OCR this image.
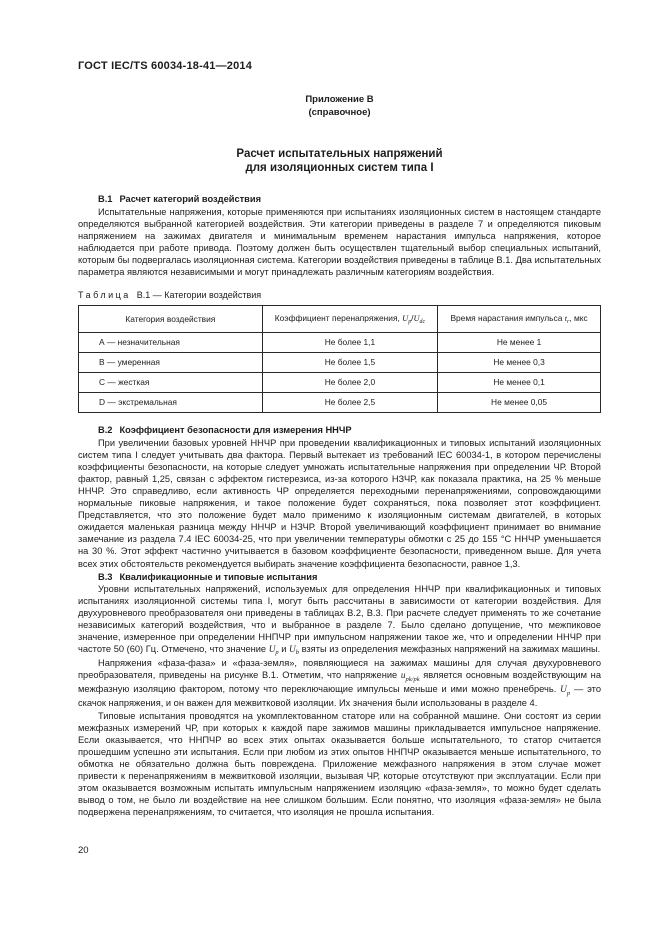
ГОСТ IEC/TS 60034-18-41—2014
Приложение В
(справочное)
Расчет испытательных напряжений
для изоляционных систем типа I
В.1 Расчет категорий воздействия

Испытательные напряжения, которые применяются при испытаниях изоляционных систем в настоящем стандарте определяются выбранной категорией воздействия. Эти категории приведены в разделе 7 и определяются пиковым напряжением на зажимах двигателя и минимальным временем нарастания импульса напряжения, которое наблюдается при работе привода. Поэтому должен быть осуществлен тщательный выбор специальных испытаний, которым бы подвергалась изоляционная система. Категории воздействия приведены в таблице В.1. Два испытательных параметра являются независимыми и могут принадлежать различным категориям воздействия.

Таблица В.1 — Категории воздействия
Категория воздействия	Коэффициент перенапряжения, $U_p/U_{dc}$	Время нарастания импульса $t_r$, мкс
А — незначительная	Не более 1,1	Не менее 1
В — умеренная	Не более 1,5	Не менее 0,3
С — жесткая	Не более 2,0	Не менее 0,1
D — экстремальная	Не более 2,5	Не менее 0,05
В.2 Коэффициент безопасности для измерения ННЧР

При увеличении базовых уровней ННЧР при проведении квалификационных и типовых испытаний изоляционных систем типа I следует учитывать два фактора. Первый вытекает из требований IEC 60034-1, в котором перечислены коэффициенты безопасности, на которые следует умножать испытательные напряжения при определении ЧР. Второй фактор, равный 1,25, связан с эффектом гистерезиса, из-за которого НЗЧР, как показала практика, на 25 % меньше ННЧР. Это справедливо, если активность ЧР определяется переходными перенапряжениями, сопровождающими нормальные пиковые напряжения, и такое положение будет сохраняться, пока позволяет этот коэффициент. Представляется, что это положение будет мало применимо к изоляционным системам двигателей, в которых ожидается маленькая разница между ННЧР и НЗЧР. Второй увеличивающий коэффициент принимает во внимание замечание из раздела 7.4 IEC 60034-25, что при увеличении температуры обмотки с 25 до 155 °С ННЧР уменьшается на 30 %. Этот эффект частично учитывается в базовом коэффициенте безопасности, приведенном выше. Для учета всех этих обстоятельств рекомендуется выбирать значение коэффициента безопасности, равное 1,3.

В.3 Квалификационные и типовые испытания

Уровни испытательных напряжений, используемых для определения ННЧР при квалификационных и типовых испытаниях изоляционной системы типа I, могут быть рассчитаны в зависимости от категории воздействия. Для двухуровневого преобразователя они приведены в таблицах В.2, В.3. При расчете следует применять то же сочетание независимых категорий воздействия, что и выбранное в разделе 7. Было сделано допущение, что межпиковое значение, измеренное при определении ННПЧР при импульсном напряжении такое же, что и определении ННЧР при частоте 50 (60) Гц. Отмечено, что значение $U_p$ и $U_b$ взяты из определения межфазных напряжений на зажимах машины.

Напряжения «фаза-фаза» и «фаза-земля», появляющиеся на зажимах машины для случая двухуровневого преобразователя, приведены на рисунке В.1. Отметим, что напряжение $u_{pk/pk}$ является основным воздействующим на межфазную изоляцию фактором, потому что переключающие импульсы меньше и ими можно пренебречь. $U_p$ — это скачок напряжения, и он важен для межвитковой изоляции. Их значения были использованы в разделе 4.

Типовые испытания проводятся на укомплектованном статоре или на собранной машине. Они состоят из серии межфазных измерений ЧР, при которых к каждой паре зажимов машины прикладывается импульсное напряжение. Если оказывается, что ННПЧР во всех этих опытах оказывается больше испытательного, то статор считается прошедшим успешно эти испытания. Если при любом из этих опытов ННПЧР оказывается меньше испытательного, то обмотка не обязательно должна быть повреждена. Приложение межфазного напряжения в этом случае может привести к перенапряжениям в межвитковой изоляции, вызывая ЧР, которые отсутствуют при эксплуатации. Если при этом оказывается возможным испытать импульсным напряжением изоляцию «фаза-земля», то можно будет сделать вывод о том, не было ли воздействие на нее слишком большим. Если понятно, что изоляция «фаза-земля» не была подвержена перенапряжениям, то считается, что изоляция не прошла испытания.

20
